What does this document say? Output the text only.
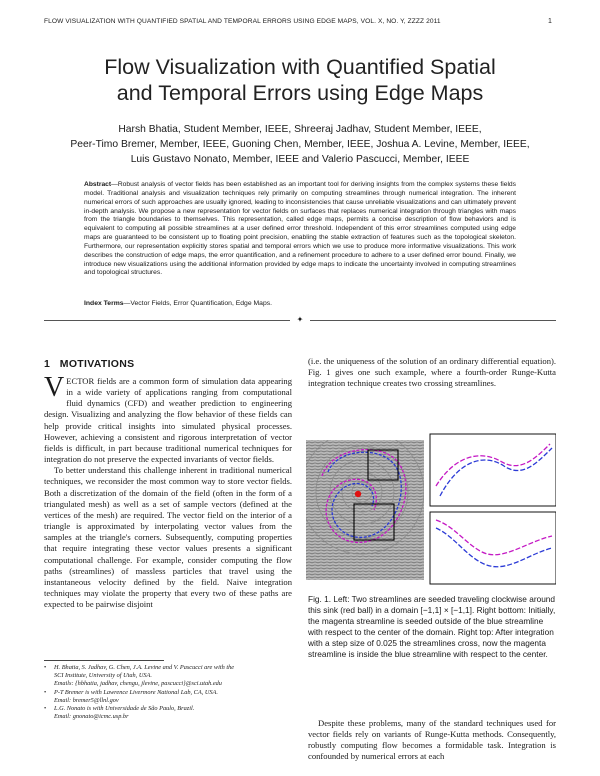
FLOW VISUALIZATION WITH QUANTIFIED SPATIAL AND TEMPORAL ERRORS USING EDGE MAPS, VOL. X, NO. Y, ZZZZ 2011	1
Flow Visualization with Quantified Spatial
and Temporal Errors using Edge Maps
Harsh Bhatia, Student Member, IEEE, Shreeraj Jadhav, Student Member, IEEE,
Peer-Timo Bremer, Member, IEEE, Guoning Chen, Member, IEEE, Joshua A. Levine, Member, IEEE,
Luis Gustavo Nonato, Member, IEEE and Valerio Pascucci, Member, IEEE
Abstract—Robust analysis of vector fields has been established as an important tool for deriving insights from the complex systems these fields model. Traditional analysis and visualization techniques rely primarily on computing streamlines through numerical integration. The inherent numerical errors of such approaches are usually ignored, leading to inconsistencies that cause unreliable visualizations and can ultimately prevent in-depth analysis. We propose a new representation for vector fields on surfaces that replaces numerical integration through triangles with maps from the triangle boundaries to themselves. This representation, called edge maps, permits a concise description of flow behaviors and is equivalent to computing all possible streamlines at a user defined error threshold. Independent of this error streamlines computed using edge maps are guaranteed to be consistent up to floating point precision, enabling the stable extraction of features such as the topological skeleton. Furthermore, our representation explicitly stores spatial and temporal errors which we use to produce more informative visualizations. This work describes the construction of edge maps, the error quantification, and a refinement procedure to adhere to a user defined error bound. Finally, we introduce new visualizations using the additional information provided by edge maps to indicate the uncertainty involved in computing streamlines and topological structures.
Index Terms—Vector Fields, Error Quantification, Edge Maps.
✦
1 MOTIVATIONS

VECTOR fields are a common form of simulation data appearing in a wide variety of applications ranging from computational fluid dynamics (CFD) and weather prediction to engineering design. Visualizing and analyzing the flow behavior of these fields can help provide critical insights into simulated physical processes. However, achieving a consistent and rigorous interpretation of vector fields is difficult, in part because traditional numerical techniques for integration do not preserve the expected invariants of vector fields.

To better understand this challenge inherent in traditional numerical techniques, we reconsider the most common way to store vector fields. Both a discretization of the domain of the field (often in the form of a triangulated mesh) as well as a set of sample vectors (defined at the vertices of the mesh) are required. The vector field on the interior of a triangle is approximated by interpolating vector values from the samples at the triangle's corners. Subsequently, computing properties that require integrating these vector values presents a significant computational challenge. For example, consider computing the flow paths (streamlines) of massless particles that travel using the instantaneous velocity defined by the field. Naive integration techniques may violate the property that every two of these paths are expected to be pairwise disjoint

• H. Bhatia, S. Jadhav, G. Chen, J.A. Levine and V. Pascucci are with the
SCI Institute, University of Utah, USA.
Emails: {hbhatia, jadhav, chengu, jlevine, pascucci}@sci.utah.edu
• P-T Bremer is with Lawrence Livermore National Lab, CA, USA.
Email: bremer5@llnl.gov
• L.G. Nonato is with Universidade de São Paulo, Brazil.
Email: gnonato@icmc.usp.br
(i.e. the uniqueness of the solution of an ordinary differential equation). Fig. 1 gives one such example, where a fourth-order Runge-Kutta integration technique creates two crossing streamlines.
Fig. 1. Left: Two streamlines are seeded traveling clockwise around this sink (red ball) in a domain [−1,1] × [−1,1]. Right bottom: Initially, the magenta streamline is seeded outside of the blue streamline with respect to the center of the domain. Right top: After integration with a step size of 0.025 the streamlines cross, now the magenta streamline is inside the blue streamline with respect to the center.
Despite these problems, many of the standard techniques used for vector fields rely on variants of Runge-Kutta methods. Consequently, robustly computing flow becomes a formidable task. Integration is confounded by numerical errors at each
